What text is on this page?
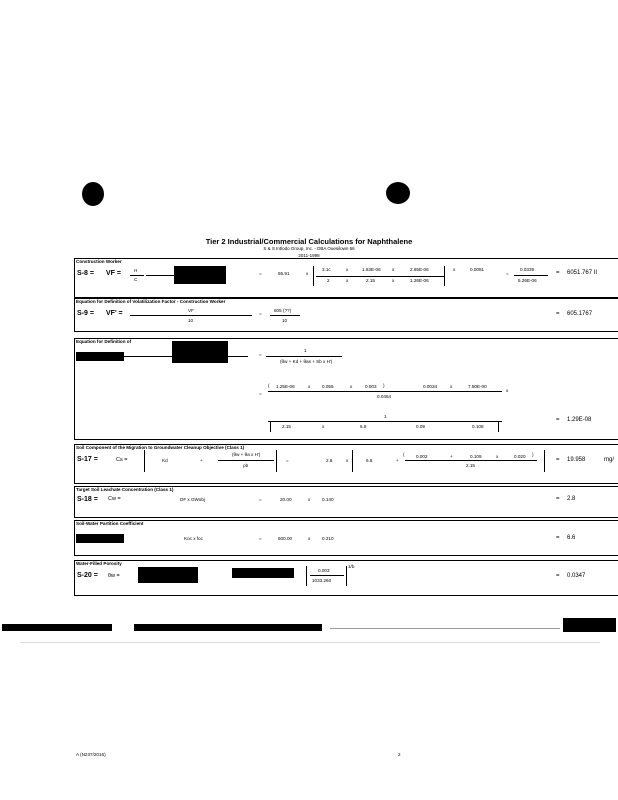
Tier 2 Industrial/Commercial Calculations for Naphthalene
S & S Intlodo Group, Inc. - DBA Ouesilown 66
2011-1998
Construction Worker
S-8 = VF =	H
C
=	65.91	x
3.1c	x	1.63E-06 x	2.65E-06	x	0.0081
2	x	2.15	x	1.26E-06
=
0.0339
5.26E-06
= 6051.767 II
Equation for Definition of Volatilization Factor - Construction Worker
S-9 = VF' =	VF
10
=
605 (??)
10
= 605.1767
Equation for Definition of
=
1
(θw + Kd + θas + Sb x H')
=
( 1.25E-06	x	0.055	x	0.003 )	0.0034	x	7.50E-00
x
0.0464
1
2.15	x	6.8	0.09	0.108
= 1.29E-08
Soil Component of the Migration to Groundwater Cleanup Objective (Class 1)
S-17 =	Cs =	Kd	+
(θw + θa x H')
ρb
=	2.8	x	6.8	+
( 0.002	+	0.109	x	0.020 )
2.15
= 19.958	mg/
Target Soil Leachate Concentration (Class 1)
S-18 = Cw =	DF x GWobj	=	20.00	x	0.140	= 2.8
Soil-Water Partition Coefficient
Koc x foc	=	600.00	x	0.210	= 6.6
Water-Filled Porosity
S-20 = θw =
0.003
1033.260
1/b
= 0.0347
A (N237/2016)	2
